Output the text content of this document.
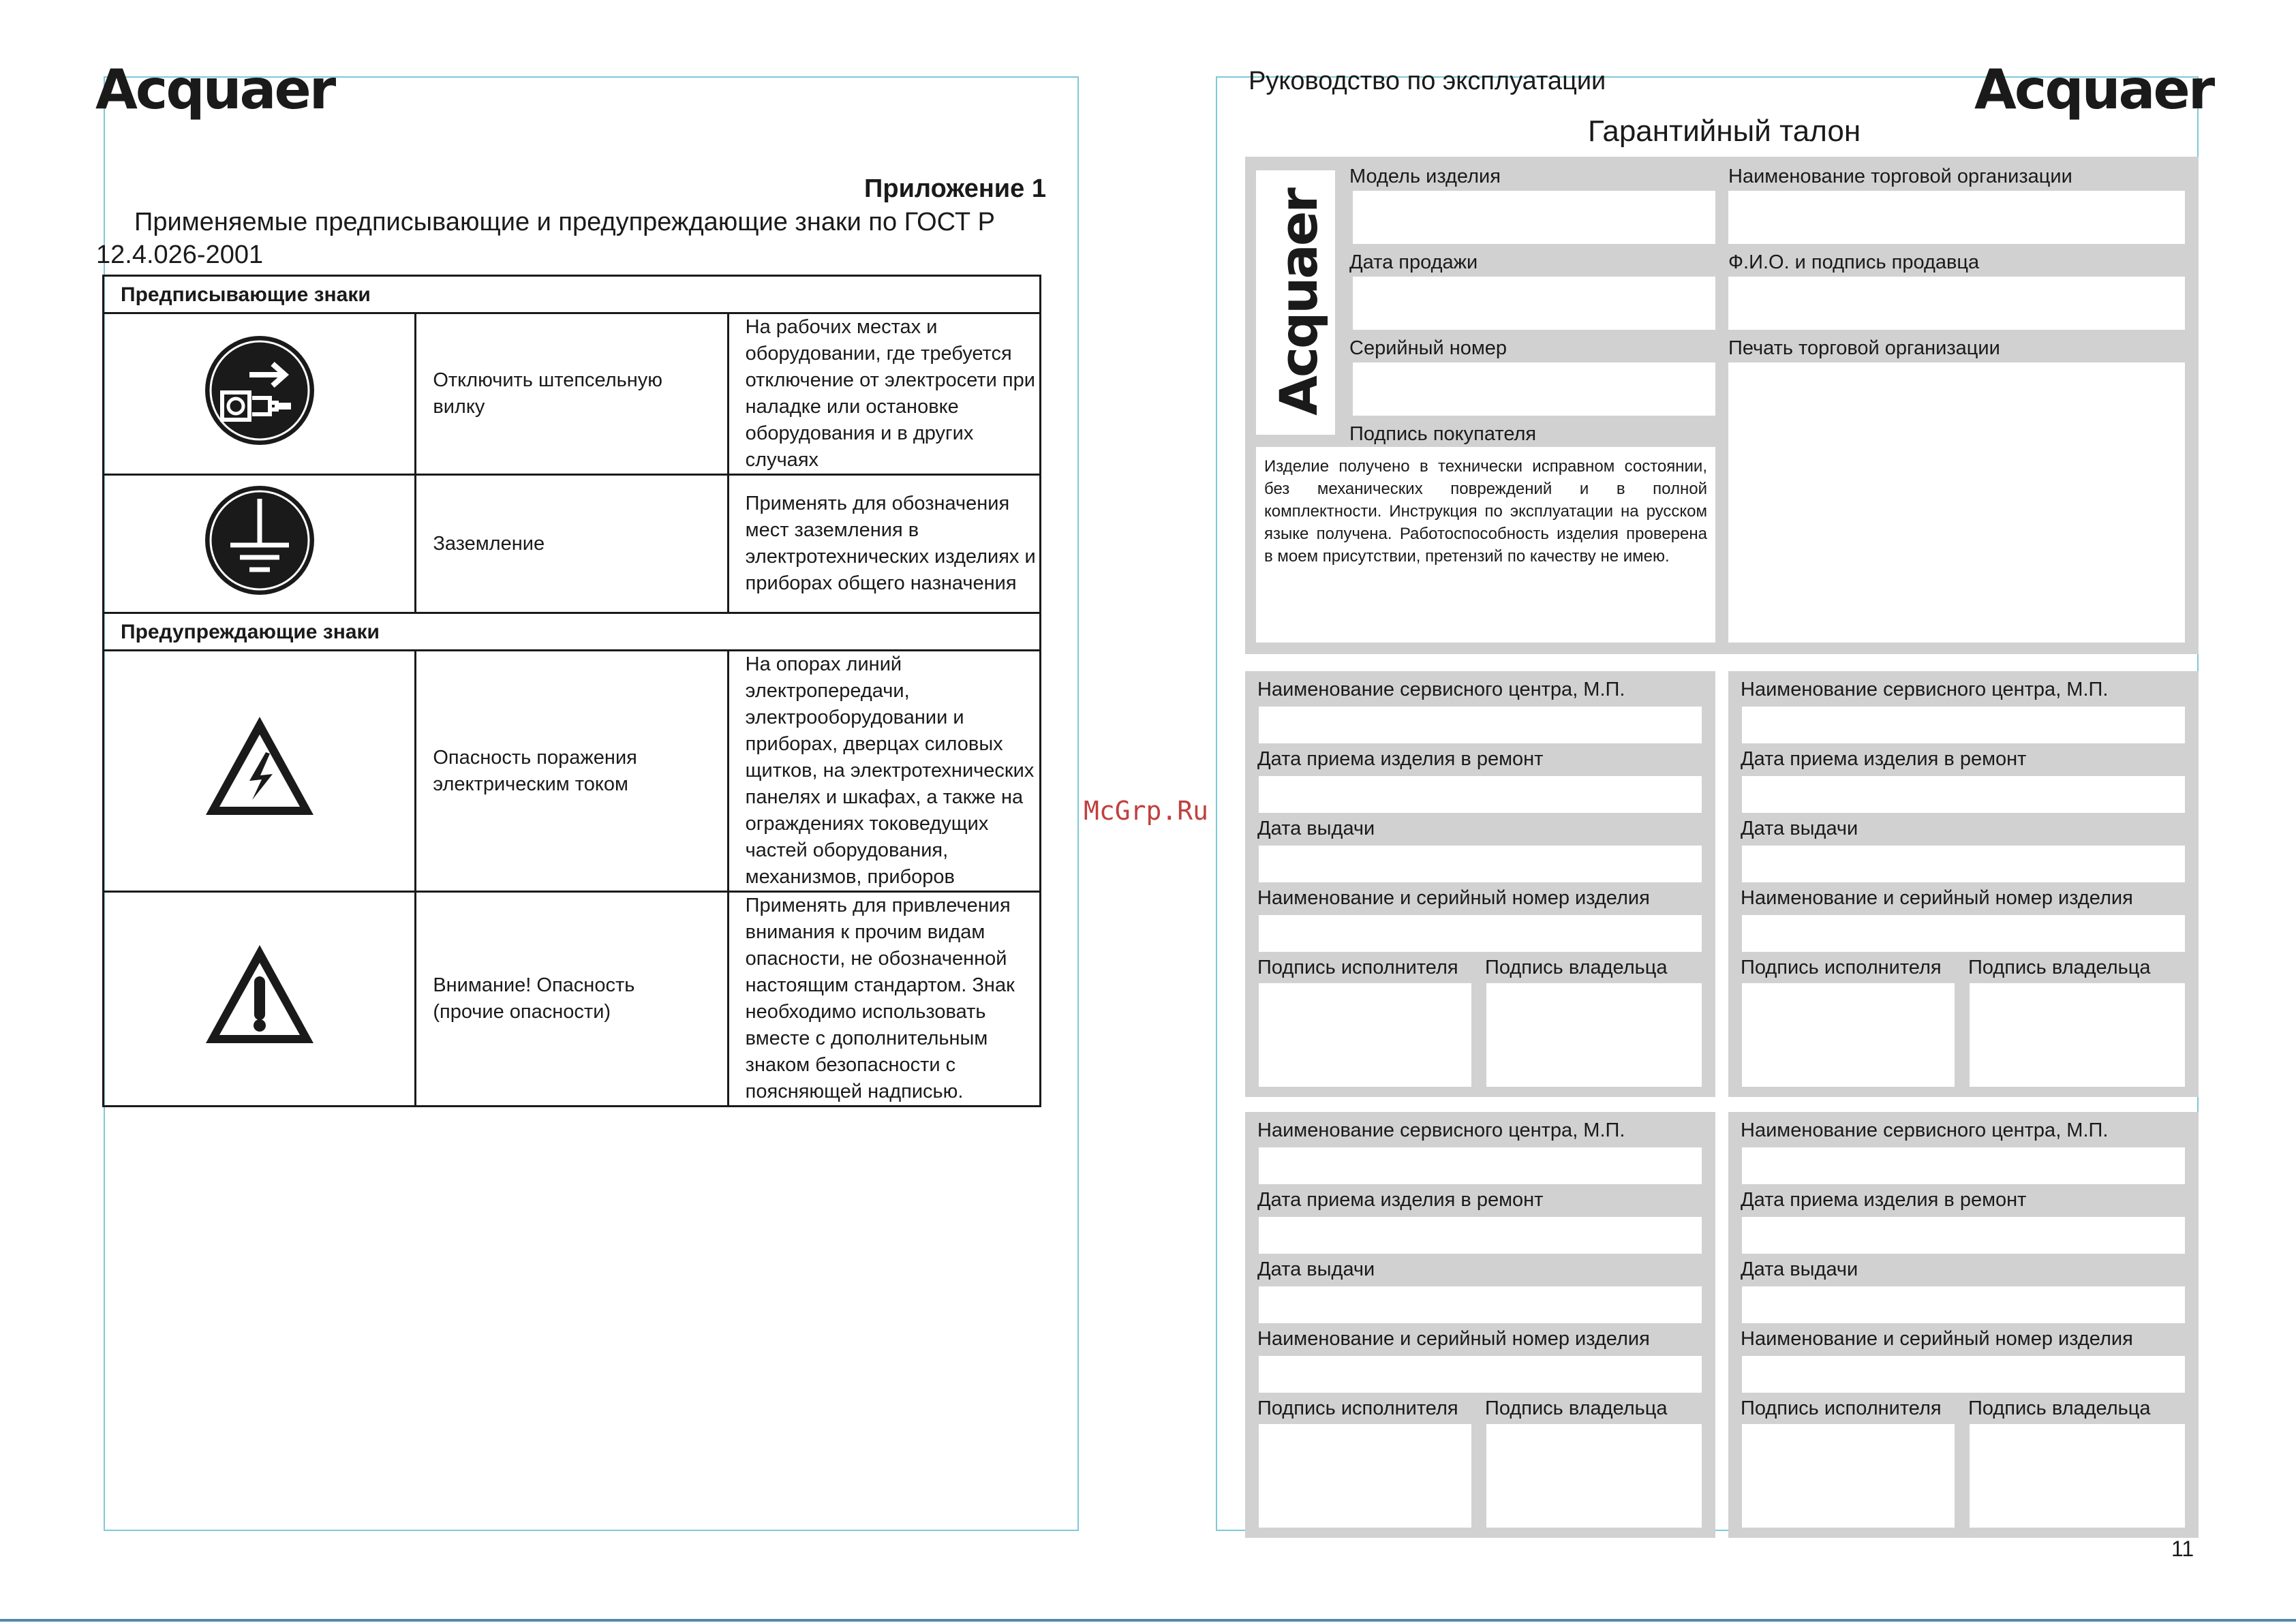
Acquaer
Приложение 1
Применяемые предписывающие и предупреждающие знаки по ГОСТ Р 12.4.026-2001
Предписывающие знаки		
	Отключить штепсельную вилку	На рабочих местах и оборудовании, где требуется отключение от электросети при наладке или остановке оборудования и в других случаях
	Заземление	Применять для обозначения мест заземления в электротехнических изделиях и приборах общего назначения
Предупреждающие знаки		
	Опасность поражения электрическим током	На опорах линий электропередачи, электрооборудовании и приборах, дверцах силовых щитков, на электротехнических панелях и шкафах, а также на ограждениях токоведущих частей оборудования, механизмов, приборов
	Внимание! Опасность (прочие опасности)	Применять для привлечения внимания к прочим видам опасности, не обозначенной настоящим стандартом. Знак необходимо использовать вместе с дополнительным знаком безопасности с поясняющей надписью.
McGrp.Ru
Руководство по эксплуатации	Acquaer
Гарантийный талон
Acquaer
Модель изделия
Дата продажи
Серийный номер
Подпись покупателя
Изделие получено в технически исправном состоянии, без механических повреждений и в полной комплектности. Инструкция по эксплуатации на русском языке получена. Работоспособность изделия проверена в моем присутствии, претензий по качеству не имею.
Наименование торговой организации
Ф.И.О. и подпись продавца
Печать торговой организации
Наименование сервисного центра, М.П.
Дата приема изделия в ремонт
Дата выдачи
Наименование и серийный номер изделия
Подпись исполнителя Подпись владельца
Наименование сервисного центра, М.П.
Дата приема изделия в ремонт
Дата выдачи
Наименование и серийный номер изделия
Подпись исполнителя Подпись владельца
Наименование сервисного центра, М.П.
Дата приема изделия в ремонт
Дата выдачи
Наименование и серийный номер изделия
Подпись исполнителя Подпись владельца
Наименование сервисного центра, М.П.
Дата приема изделия в ремонт
Дата выдачи
Наименование и серийный номер изделия
Подпись исполнителя Подпись владельца
11
